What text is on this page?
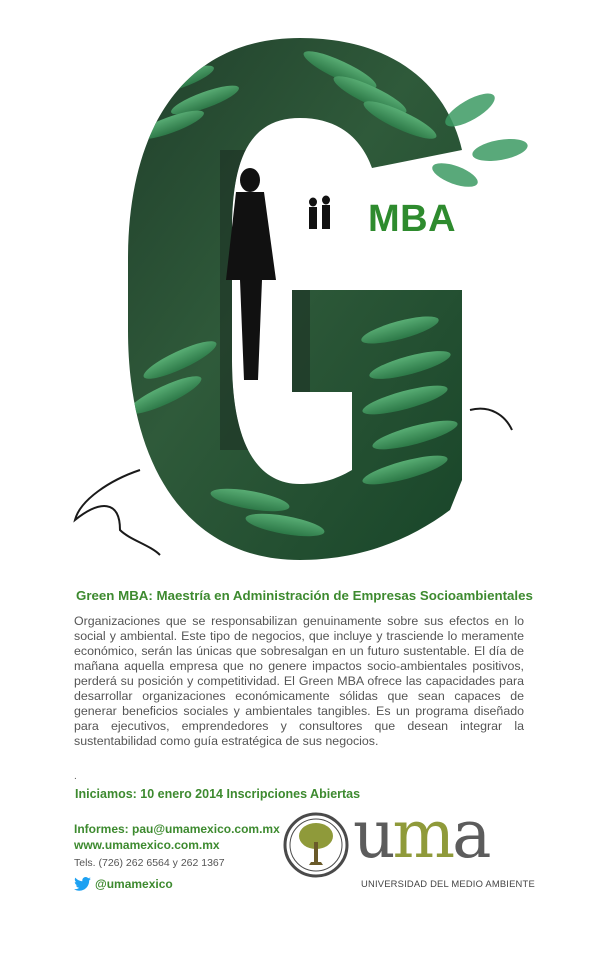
MBA
Green MBA: Maestría en Administración de Empresas Socioambientales
Organizaciones que se responsabilizan genuinamente sobre sus efectos en lo social y ambiental. Este tipo de negocios, que incluye y trasciende lo meramente económico, serán las únicas que sobresalgan en un futuro sustentable. El día de mañana aquella empresa que no genere impactos socio-ambientales positivos, perderá su posición y competitividad. El Green MBA ofrece las capacidades para desarrollar organizaciones económicamente sólidas que sean capaces de generar beneficios sociales y ambientales tangibles. Es un programa diseñado para ejecutivos, emprendedores y consultores que desean integrar la sustentabilidad como guía estratégica de sus negocios.
.
Iniciamos: 10 enero 2014 Inscripciones Abiertas
Informes: pau@umamexico.com.mx
www.umamexico.com.mx
Tels. (726) 262 6564 y 262 1367
@umamexico
uma
UNIVERSIDAD DEL MEDIO AMBIENTE
